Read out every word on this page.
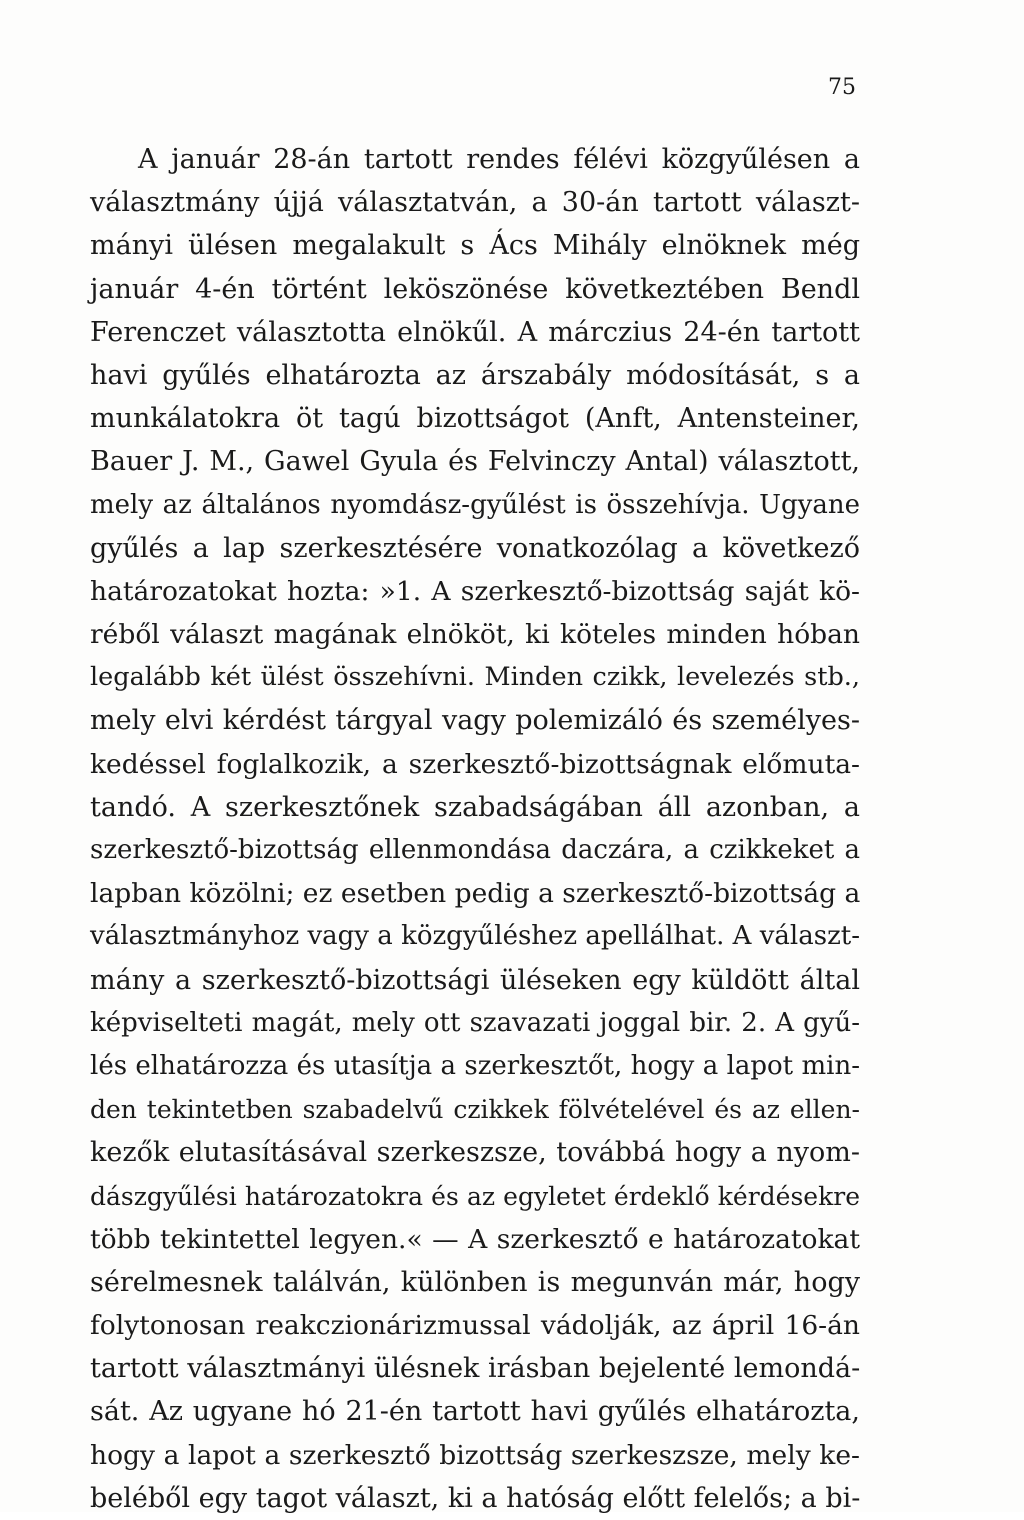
75
A január 28-án tartott rendes félévi közgyűlésen a
választmány újjá választatván, a 30-án tartott választ-
mányi ülésen megalakult s Ács Mihály elnöknek még
január 4-én történt leköszönése következtében Bendl
Ferenczet választotta elnökűl. A márczius 24-én tartott
havi gyűlés elhatározta az árszabály módosítását, s a
munkálatokra öt tagú bizottságot (Anft, Antensteiner,
Bauer J. M., Gawel Gyula és Felvinczy Antal) választott,
mely az általános nyomdász-gyűlést is összehívja. Ugyane
gyűlés a lap szerkesztésére vonatkozólag a következő
határozatokat hozta: »1. A szerkesztő-bizottság saját kö-
réből választ magának elnököt, ki köteles minden hóban
legalább két ülést összehívni. Minden czikk, levelezés stb.,
mely elvi kérdést tárgyal vagy polemizáló és személyes-
kedéssel foglalkozik, a szerkesztő-bizottságnak előmuta-
tandó. A szerkesztőnek szabadságában áll azonban, a
szerkesztő-bizottság ellenmondása daczára, a czikkeket a
lapban közölni; ez esetben pedig a szerkesztő-bizottság a
választmányhoz vagy a közgyűléshez apellálhat. A választ-
mány a szerkesztő-bizottsági üléseken egy küldött által
képviselteti magát, mely ott szavazati joggal bir. 2. A gyű-
lés elhatározza és utasítja a szerkesztőt, hogy a lapot min-
den tekintetben szabadelvű czikkek fölvételével és az ellen-
kezők elutasításával szerkeszsze, továbbá hogy a nyom-
dászgyűlési határozatokra és az egyletet érdeklő kérdésekre
több tekintettel legyen.« — A szerkesztő e határozatokat
sérelmesnek találván, különben is megunván már, hogy
folytonosan reakczionárizmussal vádolják, az ápril 16-án
tartott választmányi ülésnek irásban bejelenté lemondá-
sát. Az ugyane hó 21-én tartott havi gyűlés elhatározta,
hogy a lapot a szerkesztő bizottság szerkeszsze, mely ke-
beléből egy tagot választ, ki a hatóság előtt felelős; a bi-
